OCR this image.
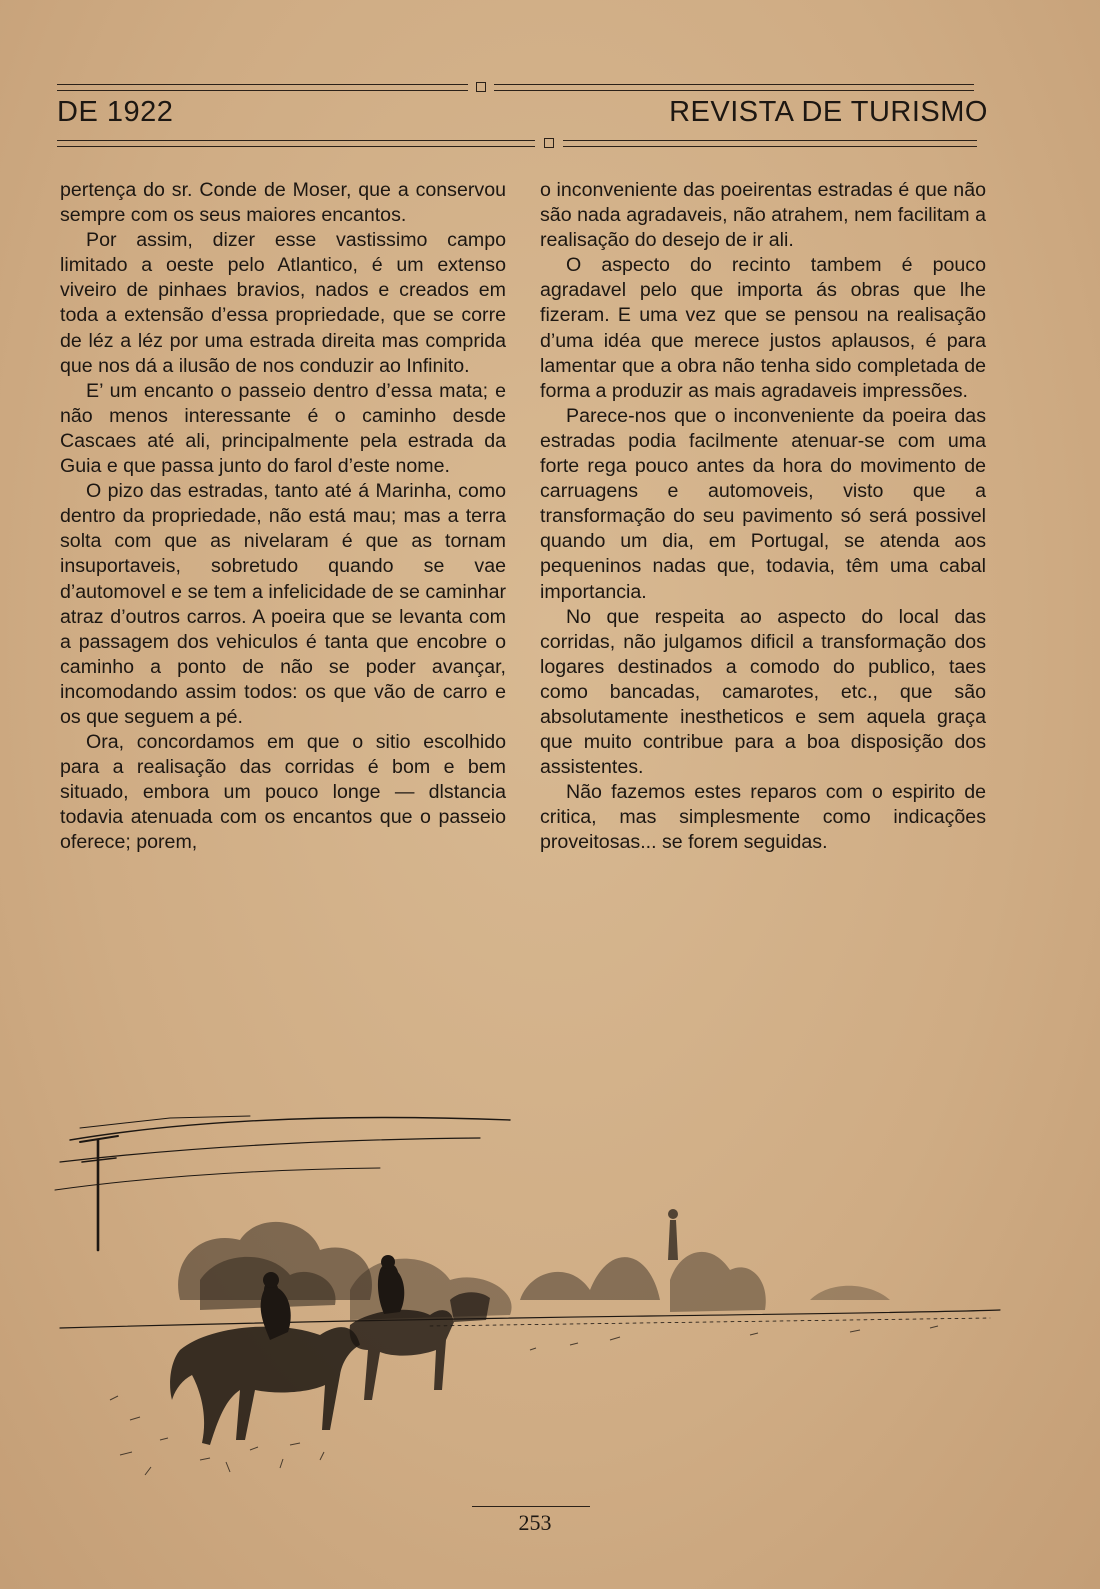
DE 1922	REVISTA DE TURISMO

pertença do sr. Conde de Moser, que a conservou sempre com os seus maiores encantos.

Por assim, dizer esse vastissimo campo limitado a oeste pelo Atlantico, é um extenso viveiro de pinhaes bravios, nados e creados em toda a extensão d’essa propriedade, que se corre de léz a léz por uma estrada direita mas comprida que nos dá a ilusão de nos conduzir ao Infinito.

E’ um encanto o passeio dentro d’essa mata; e não menos interessante é o caminho desde Cascaes até ali, principalmente pela estrada da Guia e que passa junto do farol d’este nome.

O pizo das estradas, tanto até á Marinha, como dentro da propriedade, não está mau; mas a terra solta com que as nivelaram é que as tornam insuportaveis, sobretudo quando se vae d’automovel e se tem a infelicidade de se caminhar atraz d’outros carros. A poeira que se levanta com a passagem dos vehiculos é tanta que encobre o caminho a ponto de não se poder avançar, incomodando assim todos: os que vão de carro e os que seguem a pé.

Ora, concordamos em que o sitio escolhido para a realisação das corridas é bom e bem situado, embora um pouco longe — dlstancia todavia atenuada com os encantos que o passeio oferece; porem,

o inconveniente das poeirentas estradas é que não são nada agradaveis, não atrahem, nem facilitam a realisação do desejo de ir ali.

O aspecto do recinto tambem é pouco agradavel pelo que importa ás obras que lhe fizeram. E uma vez que se pensou na realisação d’uma idéa que merece justos aplausos, é para lamentar que a obra não tenha sido completada de forma a produzir as mais agradaveis impressões.

Parece-nos que o inconveniente da poeira das estradas podia facilmente atenuar-se com uma forte rega pouco antes da hora do movimento de carruagens e automoveis, visto que a transformação do seu pavimento só será possivel quando um dia, em Portugal, se atenda aos pequeninos nadas que, todavia, têm uma cabal importancia.

No que respeita ao aspecto do local das corridas, não julgamos dificil a transformação dos logares destinados a comodo do publico, taes como bancadas, camarotes, etc., que são absolutamente inestheticos e sem aquela graça que muito contribue para a boa disposição dos assistentes.

Não fazemos estes reparos com o espirito de critica, mas simplesmente como indicações proveitosas... se forem seguidas.

253
